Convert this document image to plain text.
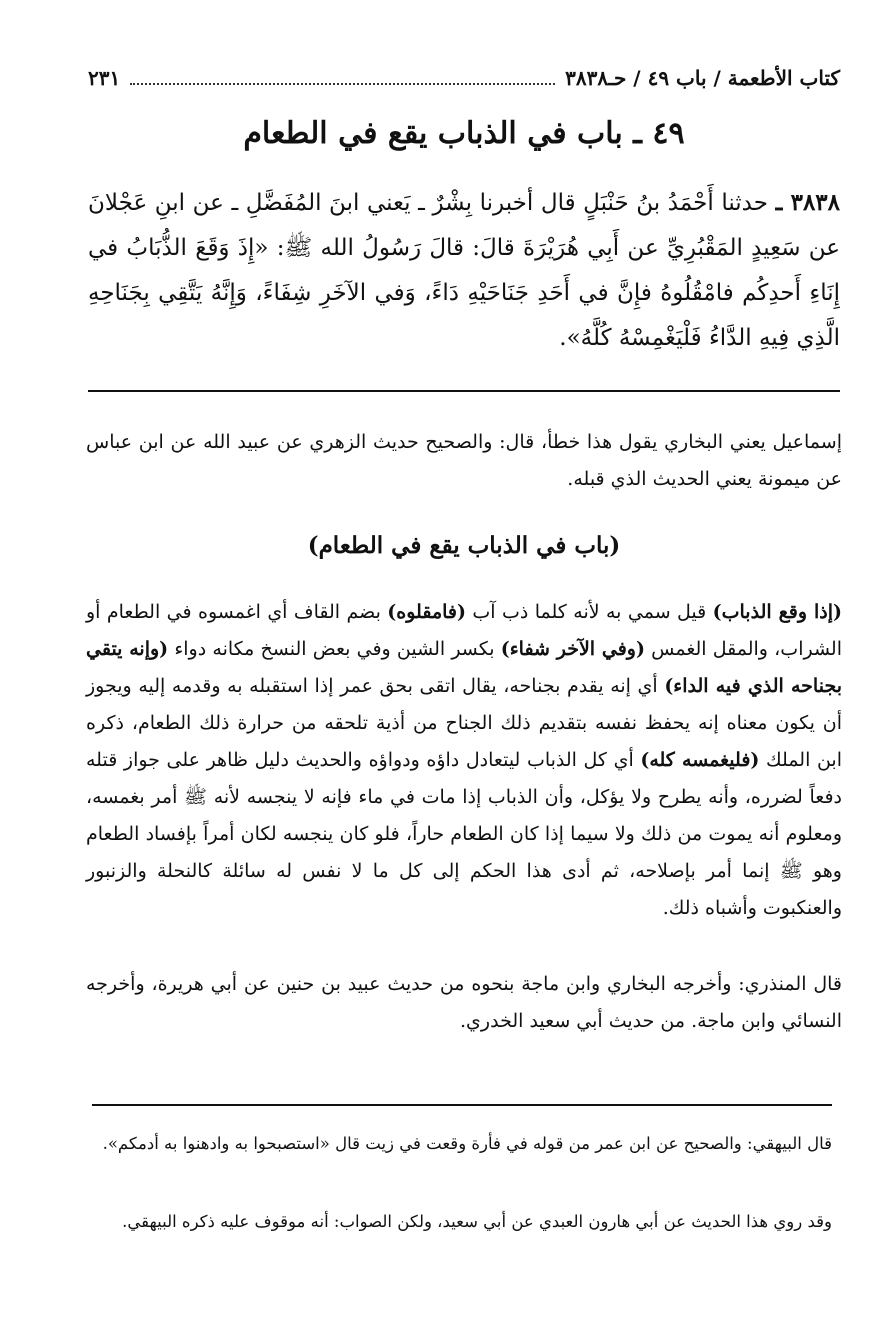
كتاب الأطعمة / باب ٤٩ / حـ٣٨٣٨
٢٣١
٤٩ ـ باب في الذباب يقع في الطعام

٣٨٣٨ ـ حدثنا أَحْمَدُ بنُ حَنْبَلٍ قال أخبرنا بِشْرٌ ـ يَعني ابنَ المُفَضَّلِ ـ عن ابنِ عَجْلانَ عن سَعِيدٍ المَقْبُرِيِّ عن أَبِي هُرَيْرَةَ قالَ: قالَ رَسُولُ الله ﷺ: «إِذَ وَقَعَ الذُّبَابُ في إِنَاءِ أَحدِكُم فامْقُلُوهُ فإِنَّ في أَحَدِ جَنَاحَيْهِ دَاءً، وَفي الآخَرِ شِفَاءً، وَإِنَّهُ يَتَّقِي بِجَنَاحِهِ الَّذِي فِيهِ الدَّاءُ فَلْيَغْمِسْهُ كُلَّهُ».

إسماعيل يعني البخاري يقول هذا خطأ، قال: والصحيح حديث الزهري عن عبيد الله عن ابن عباس عن ميمونة يعني الحديث الذي قبله.

(باب في الذباب يقع في الطعام)

(إذا وقع الذباب) قيل سمي به لأنه كلما ذب آب (فامقلوه) بضم القاف أي اغمسوه في الطعام أو الشراب، والمقل الغمس (وفي الآخر شفاء) بكسر الشين وفي بعض النسخ مكانه دواء (وإنه يتقي بجناحه الذي فيه الداء) أي إنه يقدم بجناحه، يقال اتقى بحق عمر إذا استقبله به وقدمه إليه ويجوز أن يكون معناه إنه يحفظ نفسه بتقديم ذلك الجناح من أذية تلحقه من حرارة ذلك الطعام، ذكره ابن الملك (فليغمسه كله) أي كل الذباب ليتعادل داؤه ودواؤه والحديث دليل ظاهر على جواز قتله دفعاً لضرره، وأنه يطرح ولا يؤكل، وأن الذباب إذا مات في ماء فإنه لا ينجسه لأنه ﷺ أمر بغمسه، ومعلوم أنه يموت من ذلك ولا سيما إذا كان الطعام حاراً، فلو كان ينجسه لكان أمراً بإفساد الطعام وهو ﷺ إنما أمر بإصلاحه، ثم أدى هذا الحكم إلى كل ما لا نفس له سائلة كالنحلة والزنبور والعنكبوت وأشباه ذلك.

قال المنذري: وأخرجه البخاري وابن ماجة بنحوه من حديث عبيد بن حنين عن أبي هريرة، وأخرجه النسائي وابن ماجة. من حديث أبي سعيد الخدري.

قال البيهقي: والصحيح عن ابن عمر من قوله في فأرة وقعت في زيت قال «استصبحوا به وادهنوا به أدمكم».

وقد روي هذا الحديث عن أبي هارون العبدي عن أبي سعيد، ولكن الصواب: أنه موقوف عليه ذكره البيهقي.
